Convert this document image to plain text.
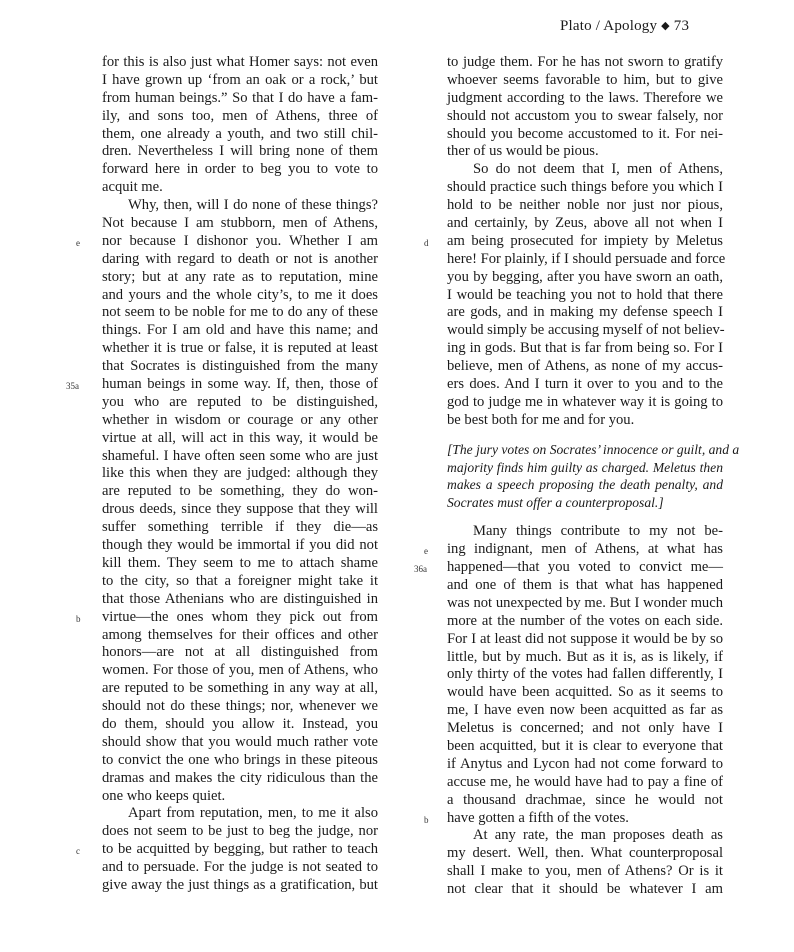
Plato / Apology ◆ 73
for this is also just what Homer says: not even
I have grown up ‘from an oak or a rock,’ but
from human beings.” So that I do have a fam-
ily, and sons too, men of Athens, three of
them, one already a youth, and two still chil-
dren. Nevertheless I will bring none of them
forward here in order to beg you to vote to
acquit me.
Why, then, will I do none of these things?
Not because I am stubborn, men of Athens,
nor because I dishonor you. Whether I am
daring with regard to death or not is another
story; but at any rate as to reputation, mine
and yours and the whole city’s, to me it does
not seem to be noble for me to do any of these
things. For I am old and have this name; and
whether it is true or false, it is reputed at least
that Socrates is distinguished from the many
human beings in some way. If, then, those of
you who are reputed to be distinguished,
whether in wisdom or courage or any other
virtue at all, will act in this way, it would be
shameful. I have often seen some who are just
like this when they are judged: although they
are reputed to be something, they do won-
drous deeds, since they suppose that they will
suffer something terrible if they die—as
though they would be immortal if you did not
kill them. They seem to me to attach shame
to the city, so that a foreigner might take it
that those Athenians who are distinguished in
virtue—the ones whom they pick out from
among themselves for their offices and other
honors—are not at all distinguished from
women. For those of you, men of Athens, who
are reputed to be something in any way at all,
should not do these things; nor, whenever we
do them, should you allow it. Instead, you
should show that you would much rather vote
to convict the one who brings in these piteous
dramas and makes the city ridiculous than the
one who keeps quiet.
Apart from reputation, men, to me it also
does not seem to be just to beg the judge, nor
to be acquitted by begging, but rather to teach
and to persuade. For the judge is not seated to
give away the just things as a gratification, but
to judge them. For he has not sworn to gratify
whoever seems favorable to him, but to give
judgment according to the laws. Therefore we
should not accustom you to swear falsely, nor
should you become accustomed to it. For nei-
ther of us would be pious.
So do not deem that I, men of Athens,
should practice such things before you which I
hold to be neither noble nor just nor pious,
and certainly, by Zeus, above all not when I
am being prosecuted for impiety by Meletus
here! For plainly, if I should persuade and force
you by begging, after you have sworn an oath,
I would be teaching you not to hold that there
are gods, and in making my defense speech I
would simply be accusing myself of not believ-
ing in gods. But that is far from being so. For I
believe, men of Athens, as none of my accus-
ers does. And I turn it over to you and to the
god to judge me in whatever way it is going to
be best both for me and for you.
[The jury votes on Socrates’ innocence or guilt, and a
majority finds him guilty as charged. Meletus then
makes a speech proposing the death penalty, and
Socrates must offer a counterproposal.]
Many things contribute to my not be-
ing indignant, men of Athens, at what has
happened—that you voted to convict me—
and one of them is that what has happened
was not unexpected by me. But I wonder much
more at the number of the votes on each side.
For I at least did not suppose it would be by so
little, but by much. But as it is, as is likely, if
only thirty of the votes had fallen differently, I
would have been acquitted. So as it seems to
me, I have even now been acquitted as far as
Meletus is concerned; and not only have I
been acquitted, but it is clear to everyone that
if Anytus and Lycon had not come forward to
accuse me, he would have had to pay a fine of
a thousand drachmae, since he would not
have gotten a fifth of the votes.
At any rate, the man proposes death as
my desert. Well, then. What counterproposal
shall I make to you, men of Athens? Or is it
not clear that it should be whatever I am
e
35a
b
c
d
e
36a
b
